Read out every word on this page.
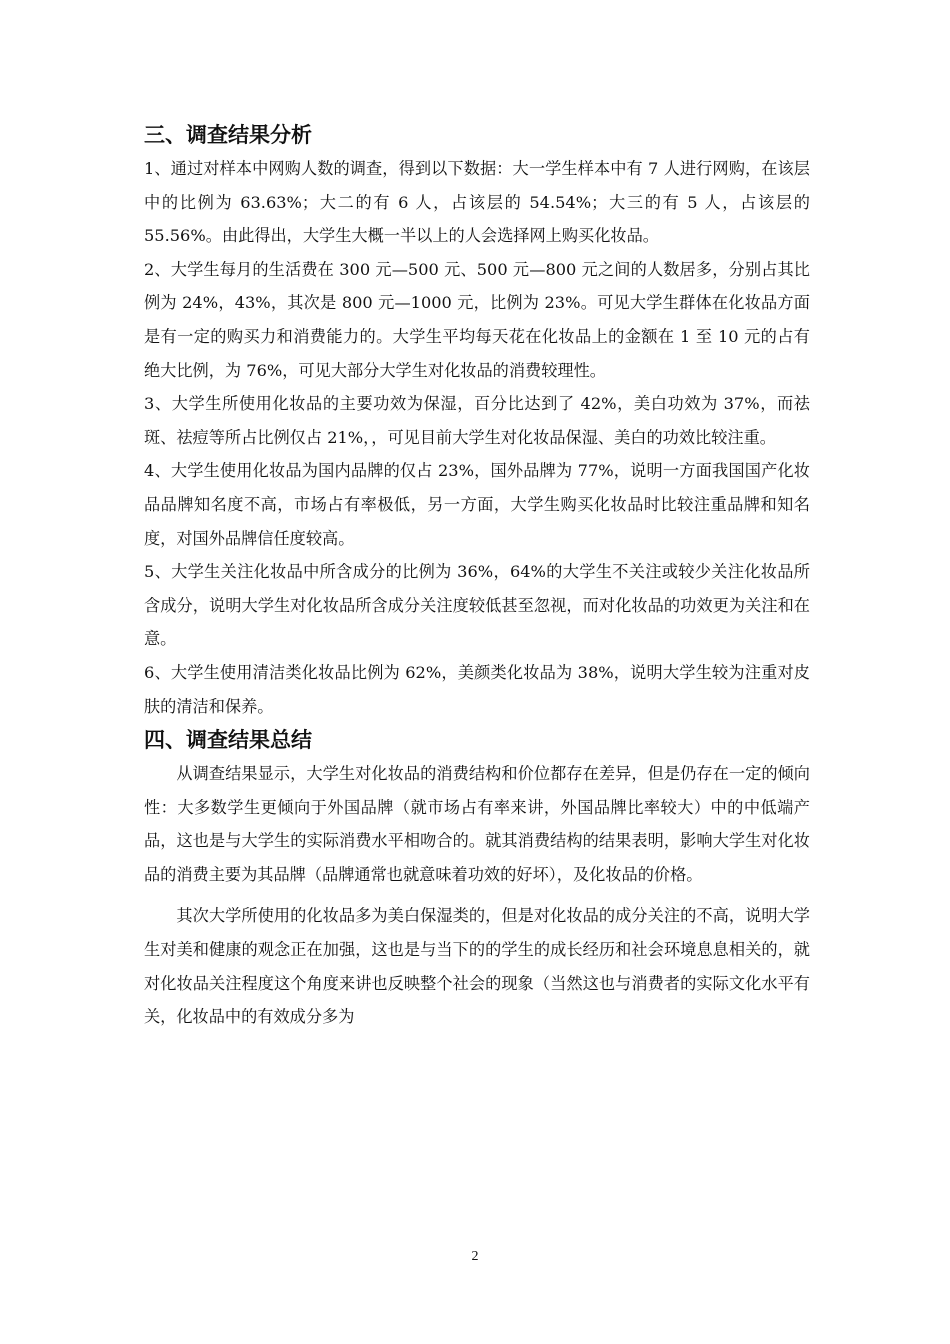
三、调查结果分析

1、通过对样本中网购人数的调查，得到以下数据：大一学生样本中有 7 人进行网购，在该层中的比例为 63.63%；大二的有 6 人，占该层的 54.54%；大三的有 5 人，占该层的 55.56%。由此得出，大学生大概一半以上的人会选择网上购买化妆品。

2、大学生每月的生活费在 300 元—500 元、500 元—800 元之间的人数居多，分别占其比例为 24%，43%，其次是 800 元—1000 元，比例为 23%。可见大学生群体在化妆品方面是有一定的购买力和消费能力的。大学生平均每天花在化妆品上的金额在 1 至 10 元的占有绝大比例，为 76%，可见大部分大学生对化妆品的消费较理性。

3、大学生所使用化妆品的主要功效为保湿，百分比达到了 42%，美白功效为 37%，而祛斑、祛痘等所占比例仅占 21%，，可见目前大学生对化妆品保湿、美白的功效比较注重。

4、大学生使用化妆品为国内品牌的仅占 23%，国外品牌为 77%，说明一方面我国国产化妆品品牌知名度不高，市场占有率极低，另一方面，大学生购买化妆品时比较注重品牌和知名度，对国外品牌信任度较高。

5、大学生关注化妆品中所含成分的比例为 36%，64%的大学生不关注或较少关注化妆品所含成分，说明大学生对化妆品所含成分关注度较低甚至忽视，而对化妆品的功效更为关注和在意。

6、大学生使用清洁类化妆品比例为 62%，美颜类化妆品为 38%，说明大学生较为注重对皮肤的清洁和保养。

四、调查结果总结

从调查结果显示，大学生对化妆品的消费结构和价位都存在差异，但是仍存在一定的倾向性：大多数学生更倾向于外国品牌（就市场占有率来讲，外国品牌比率较大）中的中低端产品，这也是与大学生的实际消费水平相吻合的。就其消费结构的结果表明，影响大学生对化妆品的消费主要为其品牌（品牌通常也就意味着功效的好坏），及化妆品的价格。

其次大学所使用的化妆品多为美白保湿类的，但是对化妆品的成分关注的不高，说明大学生对美和健康的观念正在加强，这也是与当下的的学生的成长经历和社会环境息息相关的，就对化妆品关注程度这个角度来讲也反映整个社会的现象（当然这也与消费者的实际文化水平有关，化妆品中的有效成分多为

2
